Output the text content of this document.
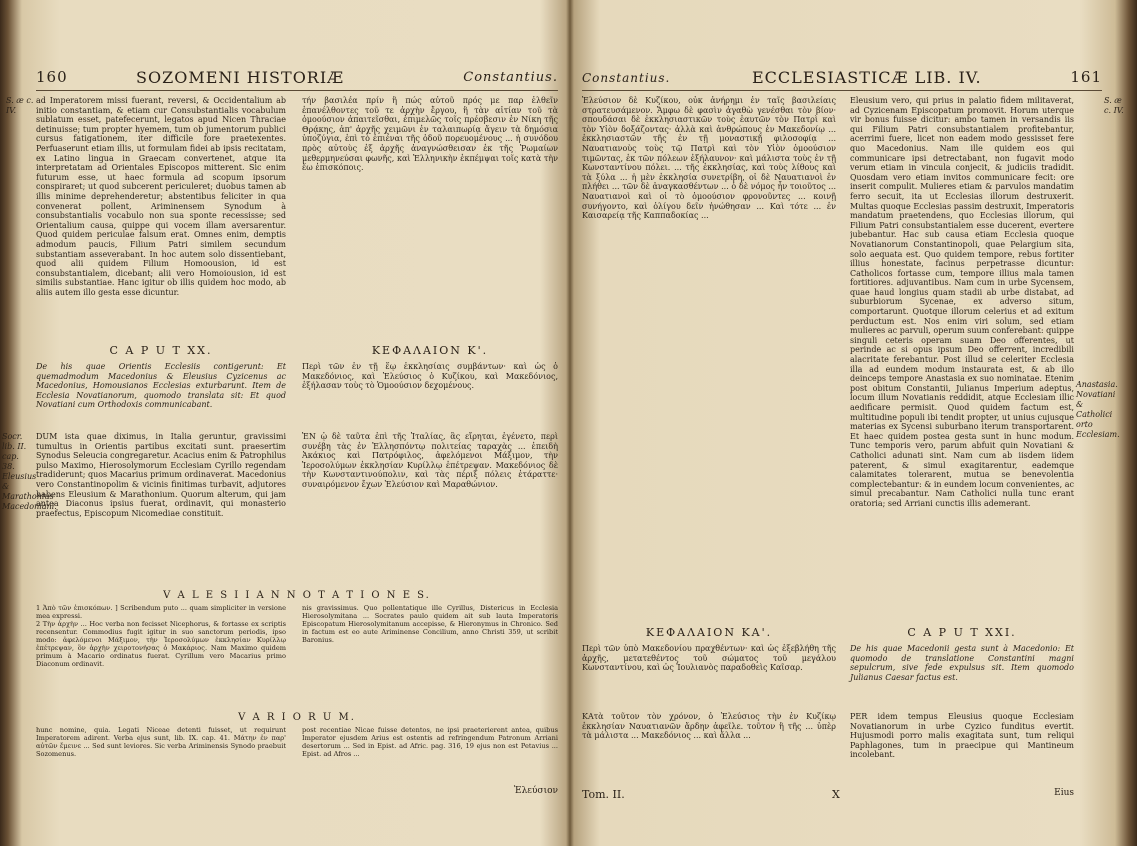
160	SOZOMENI HISTORIÆ	Constantius.
S. æ c. IV.
ad Imperatorem missi fuerant, reversi, & Occidentalium ab initio constantiam, & etiam cur Consubstantialis vocabulum sublatum esset, patefecerunt, legatos apud Nicen Thraciae detinuisse; tum propter hyemem, tum ob jumentorum publici cursus fatigationem, iter difficile fore praetexentes. Perfuaserunt etiam illis, ut formulam fidei ab ipsis recitatam, ex Latino lingua in Graecam convertenet, atque ita interpretatam ad Orientales Episcopos mitterent. Sic enim futurum esse, ut haec formula ad scopum ipsorum conspiraret; ut quod subcerent periculeret; duobus tamen ab illis minime deprehenderetur; abstentibus feliciter in qua convenerat pollent, Ariminensem Synodum à consubstantialis vocabulo non sua sponte recessisse; sed Orientalium causa, quippe qui vocem illam aversarentur. Quod quidem periculae falsum erat. Omnes enim, demptis admodum paucis, Filium Patri similem secundum substantiam asseverabant. In hoc autem solo dissentiebant, quod alii quidem Filium Homoousion, id est consubstantialem, dicebant; alii vero Homoiousion, id est similis substantiae. Hanc igitur ob illis quidem hoc modo, ab aliis autem illo gesta esse dicuntur.
τήν βασιλέα πρίν ἢ πώς αὐτοῦ πρός με παρ ἐλθεῖν ἐπανέλθοντες τοῦ τε ἀρχὴν ἔργου, ἢ τὰν αἰτίαν τοῦ τὰ ὁμοούσιον ἀπαιτεῖσθαι, ἐπιμελῶς τοῖς πρέσβεσιν ἐν Νίκη τῆς Θρᾴκης, ἀπ' ἀρχῆς χειμῶνι ἐν ταλαιπωρίᾳ ἄγειν τὰ δημόσια ὑποζύγια, ἐπὶ τὸ ἐπιέναι τῆς ὁδοῦ πορευομένους ... ἡ συνόδου πρὸς αὐτοὺς ἐξ ἀρχῆς ἀναγνώσθεισαν ἐκ τῆς Ῥωμαίων μεθερμηνεύσαι φωνῆς, καὶ Ἑλληνικὴν ἐκπέμψαι τοῖς κατὰ τὴν ἕω ἐπισκόποις.
C A P U T XX.	ΚΕΦΑΛΑΙΟΝ Κ'.
De his quae Orientis Ecclesiis contigerunt: Et quemadmodum Macedonius & Eleusius Cyzicenus ac Macedonius, Homousianos Ecclesias exturbarunt. Item de Ecclesia Novatianorum, quomodo translata sit: Et quod Novatiani cum Orthodoxis communicabant.
Περὶ τῶν ἐν τῇ ἕῳ ἐκκλησίαις συμβάντων· καὶ ὡς ὁ Μακεδόνιος, καὶ Ἐλεύσιος ὁ Κυζίκου, καὶ Μακεδόνιος, ἐξήλασαν τοὺς τὸ Ὁμοούσιον δεχομένους.
DUM ista quae diximus, in Italia geruntur, gravissimi tumultus in Orientis partibus excitati sunt. praesertim Synodus Seleucia congregaretur. Acacius enim & Patrophilus pulso Maximo, Hierosolymorum Ecclesiam Cyrillo regendam tradiderunt; quos Macarius primum ordinaverat. Macedonius vero Constantinopolim & vicinis finitimas turbavit, adjutores habens Eleusium & Marathonium. Quorum alterum, qui jam antea Diaconus ipsius fuerat, ordinavit, qui monasterio praefectus, Episcopum Nicomediae constituit.
ἘΝ ᾧ δὲ ταῦτα ἐπὶ τῆς Ἰταλίας, ἃς εἴρηται, ἐγένετο, περὶ συνέβη τὰς ἐν Ἑλλησπόντῳ πολιτείας ταραχὰς ... ἐπειδὴ Ἀκάκιος καὶ Πατρόφιλος, ἀφελόμενοι Μάξιμον, τὴν Ἱεροσολύμων ἐκκλησίαν Κυρίλλῳ ἐπέτρεψαν. Μακεδόνιος δὲ τὴν Κωνσταντινούπολιν, καὶ τὰς πέριξ πόλεις ἐτάραττε· συναιρόμενον ἔχων Ἐλεύσιον καὶ Μαραθώνιον.
Socr. lib. II. cap. 38.
Eleusius & Marathonius Macedoniani.
V A L E S I I A N N O T A T I O N E S.
1 Ἀπὸ τῶν ἐπισκόπων. ] Scribendum puto ... quam simpliciter in versione mea expressi.
2 Τὴν ἀρχὴν ... Hoc verba non fecisset Nicephorus, & fortasse ex scriptis recensentur. Commodius fugit igitur in suo sanctorum periodis, ipso modo: ἀφελόμενοι Μάξιμον, τὴν Ἱεροσολύμων ἐκκλησίαν Κυρίλλῳ ἐπέτρεψαν, ὃν ἀρχὴν χειροτονήσας ὁ Μακάριος. Nam Maximo quidem primum à Macario ordinatus fuerat. Cyrillum vero Macarius primo Diaconum ordinavit.
nis gravissimus. Quo pollentatique ille Cyrillus, Distericus in Ecclesia Hierosolymitana ... Socrates paulo quidem ait sub lauta Imperatoris Episcopatum Hierosolymitanum accepisse, & Hieronymus in Chronico. Sed in factum est eo aute Ariminense Concilium, anno Christi 359, ut scribit Baronius.
V A R I O R U M.
hunc nomine, quia. Legati Niceae detenti fuisset, ut requirunt Imperatorem adirent. Verba ejus sunt, lib. IX. cap. 41. Μάτην ἐν παρ' αὐτῶν ἔμεινε ... Sed sunt leviores. Sic verba Ariminensis Synodo praebuit Sozomenus.
post recentiae Nicae fuisse detentos, ne ipsi praeterierent antea, quibus Imperator ejusdem Arius est ostentis ad refringendum Patronum Arriani desertorum ... Sed in Epist. ad Afric. pag. 316, 19 ejus non est Petavius ... Epist. ad Afros ...
Ἐλεύσιον
Constantius.	ECCLESIASTICÆ LIB. IV.	161
S. æ c. IV.
Ἐλεύσιον δὲ Κυζίκου, οὐκ ἀνήρημι ἐν ταῖς βασιλείαις στρατευσάμενον. Ἄμφω δὲ φασὶν ἀγαθὼ γενέσθαι τὸν βίον· σπουδάσαι δὲ ἐκκλησιαστικῶν τοὺς ἑαυτῶν τὸν Πατρὶ καὶ τὸν Υἱὸν δοξάζοντας· ἀλλὰ καὶ ἀνθρώπους ἐν Μακεδονίῳ ... ἐκκλησιαστῶν τῆς ἐν τῇ μοναστικῇ φιλοσοφίᾳ ... Ναυατιανοὺς τοὺς τῷ Πατρὶ καὶ τὸν Υἱὸν ὁμοούσιον τιμῶντας, ἐκ τῶν πόλεων ἐξήλαυνον· καὶ μάλιστα τοὺς ἐν τῇ Κωνσταντίνου πόλει. ... τῆς ἐκκλησίας, καὶ τοὺς λίθους καὶ τὰ ξύλα ... ἡ μὲν ἐκκλησία συνετρίβη, οἱ δὲ Ναυατιανοὶ ἐν πλήθει ... τῶν δὲ ἀναγκασθέντων ... ὁ δὲ νόμος ἦν τοιοῦτος ... Ναυατιανοὶ καὶ οἱ τὸ ὁμοούσιον φρονοῦντες ... κοινῇ συνήγοντο, καὶ ὀλίγου δεῖν ἡνώθησαν ... Καὶ τότε ... ἐν Καισαρείᾳ τῆς Καππαδοκίας ...
Eleusium vero, qui prius in palatio fidem militaverat, ad Cyzicenam Episcopatum promovit. Horum uterque vir bonus fuisse dicitur: ambo tamen in versandis iis qui Filium Patri consubstantialem profitebantur, acerrimi fuere, licet non eadem modo gessisset fere quo Macedonius. Nam ille quidem eos qui communicare ipsi detrectabant, non fugavit modo verum etiam in vincula conjecit, & judiciis tradidit. Quosdam vero etiam invitos communicare fecit: ore inserit compulit. Mulieres etiam & parvulos mandatim ferro secuit, ita ut Ecclesias illorum destruxerit. Multas quoque Ecclesias passim destruxit, Imperatoris mandatum praetendens, quo Ecclesias illorum, qui Filium Patri consubstantialem esse ducerent, evertere jubebantur. Hac sub causa etiam Ecclesia quoque Novatianorum Constantinopoli, quae Pelargium sita, solo aequata est. Quo quidem tempore, rebus fortiter illius honestate, facinus perpetrasse dicuntur: Catholicos fortasse cum, tempore illius mala tamen fortitiores. adjuvantibus. Nam cum in urbe Sycensem, quae haud longius quam stadii ab urbe distabat, ad suburbiorum Sycenae, ex adverso situm, comportarunt. Quotque illorum celerius et ad exitum perductum est. Nos enim viri solum, sed etiam mulieres ac parvuli, operum suum conferebant: quippe singuli ceteris operam suam Deo offerentes, ut perinde ac si opus ipsum Deo offerrent, incredibili alacritate ferebantur. Post illud se celeriter Ecclesia illa ad eundem modum instaurata est, & ab illo deinceps tempore Anastasia ex suo nominatae. Etenim post obitum Constantii, Julianus Imperium adeptus, locum illum Novatianis reddidit, atque Ecclesiam illic aedificare permisit. Quod quidem factum est, multitudine populi ibi tendit propter, ut unius cujusque materias ex Sycensi suburbano iterum transportarent. Et haec quidem postea gesta sunt in hunc modum. Tunc temporis vero, parum abfuit quin Novatiani & Catholici adunati sint. Nam cum ab iisdem iidem paterent, & simul exagitarentur, eademque calamitates tolerarent, mutua se benevolentia complectebantur: & in eundem locum convenientes, ac simul precabantur. Nam Catholici nulla tunc erant oratoria; sed Arriani cunctis illis ademerant.
Anastasia. Novatiani & Catholici orto Ecclesiam.
ΚΕΦΑΛΑΙΟΝ ΚΑ'.	C A P U T XXI.
Περὶ τῶν ὑπὸ Μακεδονίου πραχθέντων· καὶ ὡς ἐξεβλήθη τῆς ἀρχῆς, μετατεθέντος τοῦ σώματος τοῦ μεγάλου Κωνσταντίνου, καὶ ὡς Ἰουλιανὸς παραδοθεὶς Καῖσαρ.
De his quae Macedonii gesta sunt à Macedonio: Et quomodo de translatione Constantini magni sepulcrum, sive fede expulsus sit. Item quomodo Julianus Caesar factus est.
ΚΑτὰ τοῦτον τὸν χρόνον, ὁ Ἐλεύσιος τὴν ἐν Κυζίκῳ ἐκκλησίαν Ναυατιανῶν ἄρδην ἀφεῖλε. τοῦτον ἢ τῆς ... ὑπὲρ τὰ μάλιστα ... Μακεδόνιος ... καὶ ἄλλα ...
PER idem tempus Eleusius quoque Ecclesiam Novatianorum in urbe Cyzico funditus evertit. Hujusmodi porro malis exagitata sunt, tum reliqui Paphlagones, tum in praecipue qui Mantineum incolebant.
Tom. II.	X	Eius
